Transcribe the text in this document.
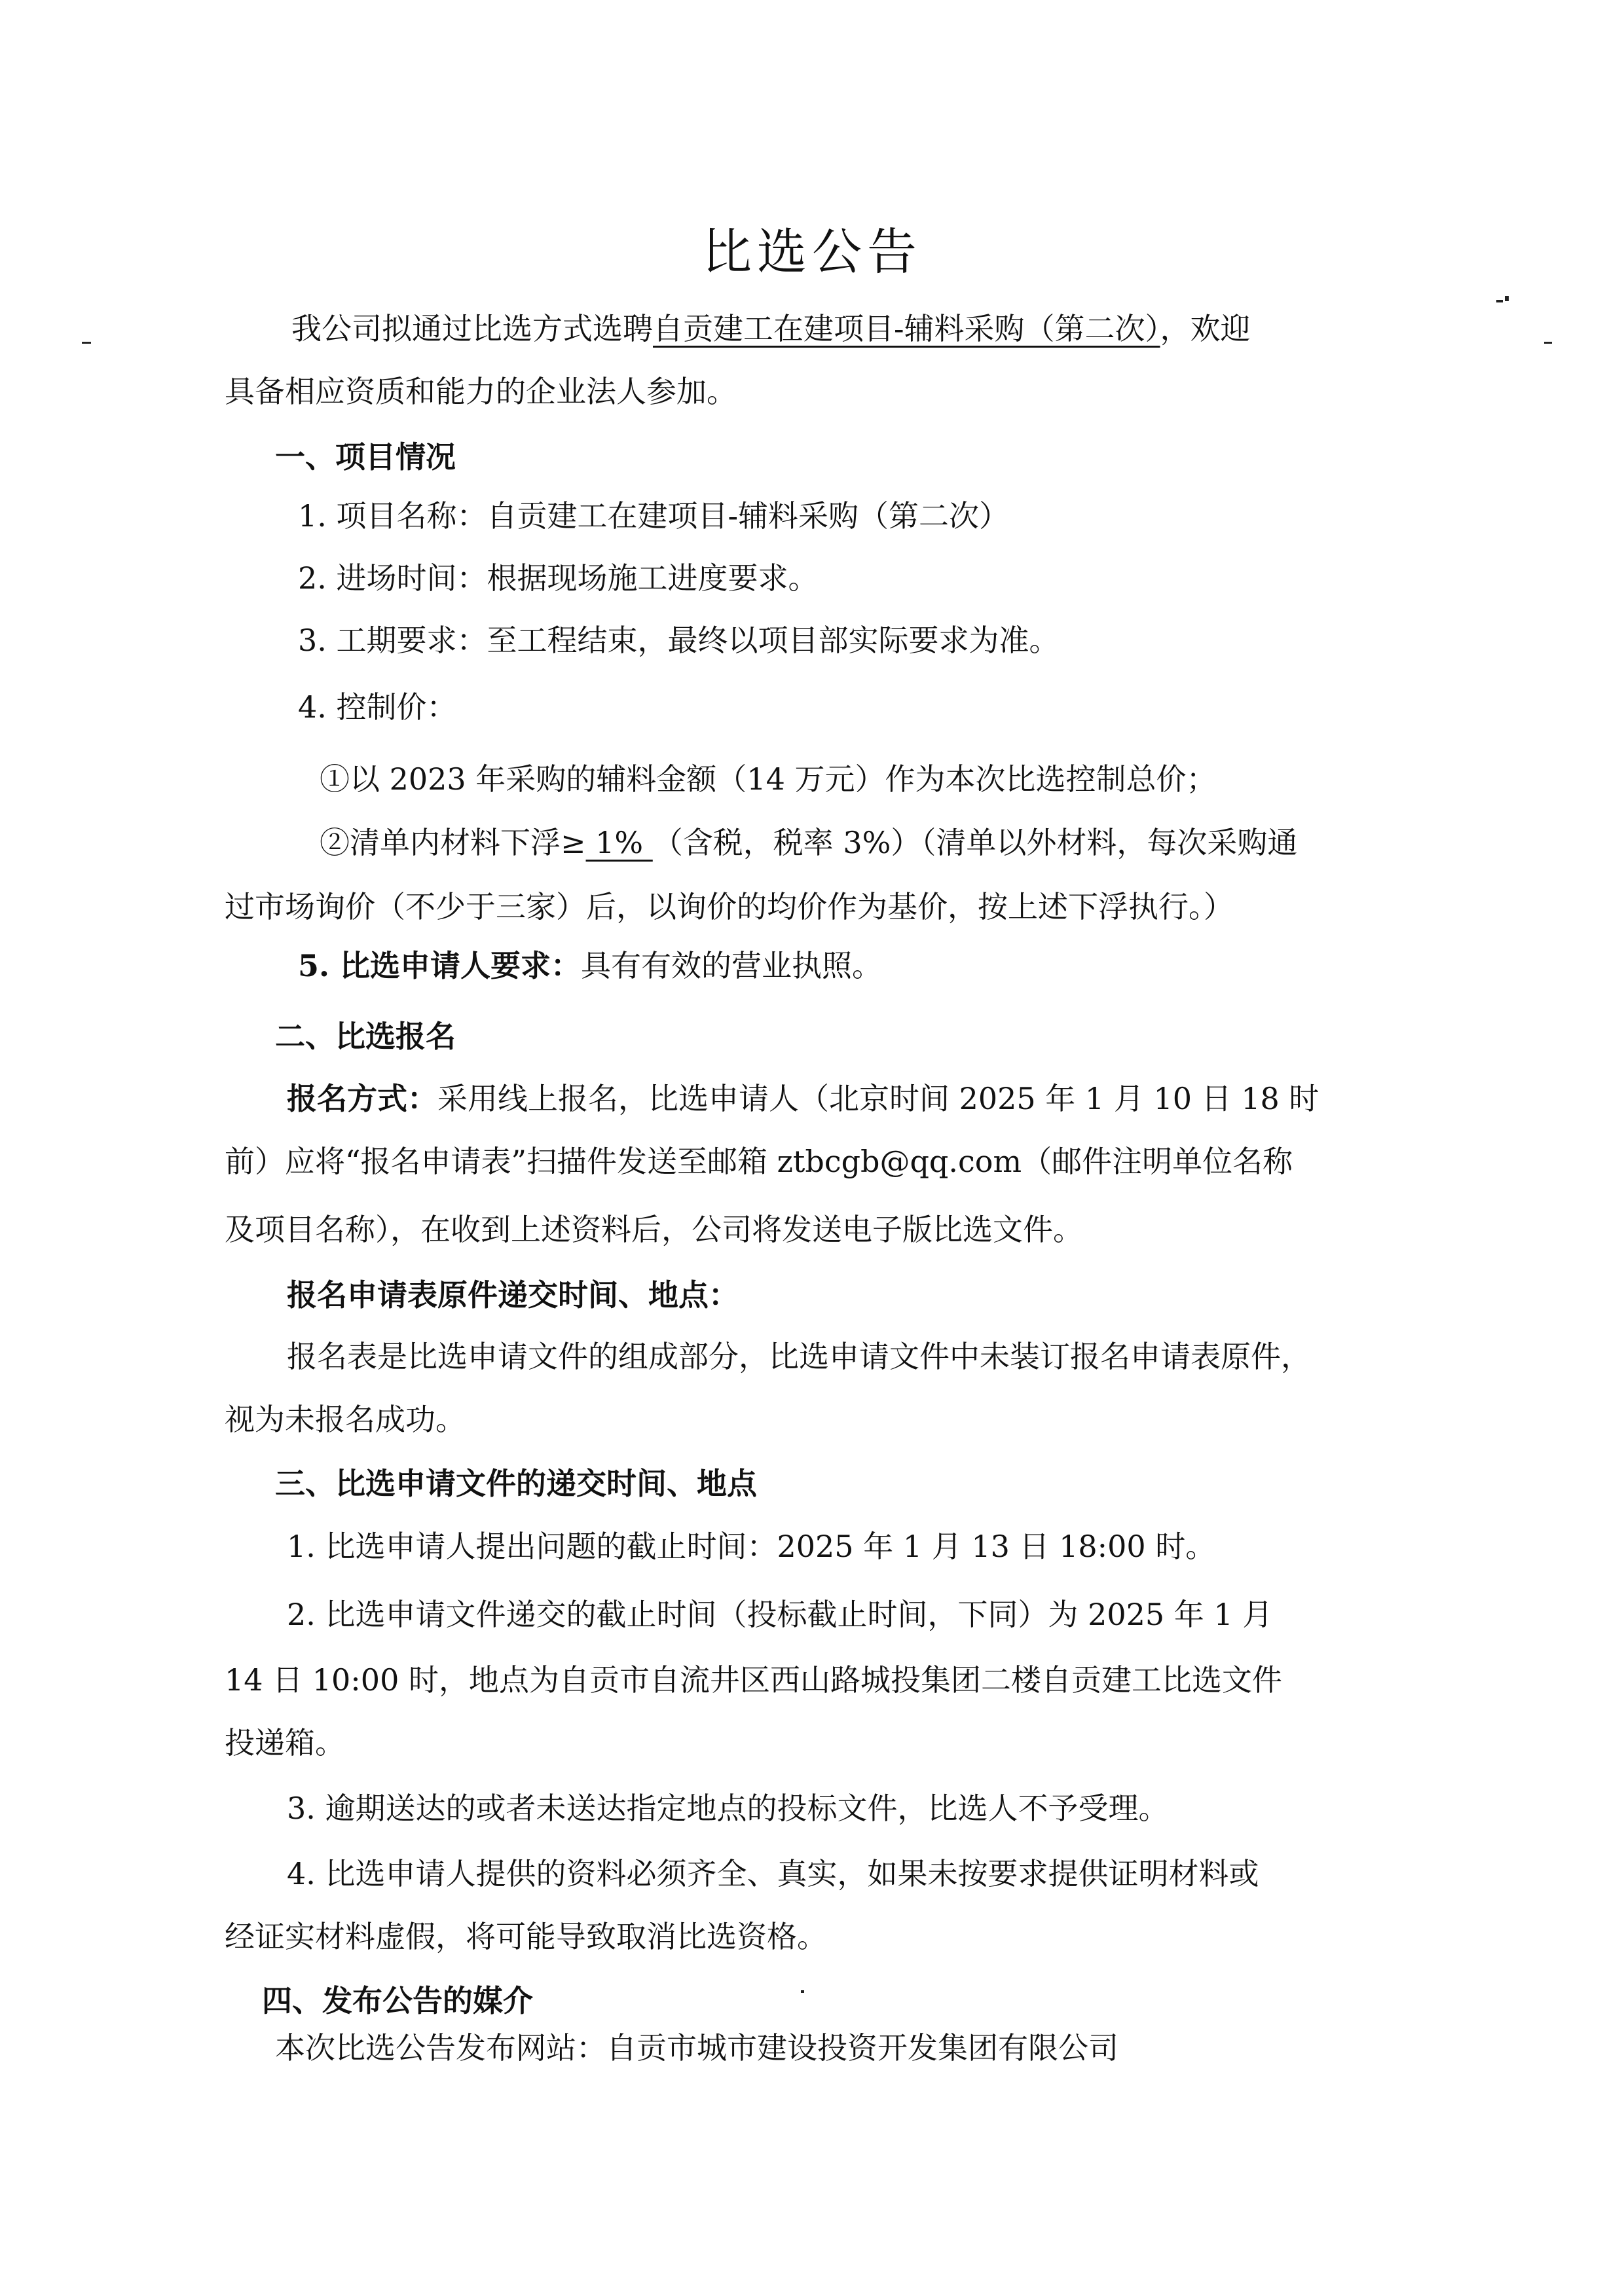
比选公告
我公司拟通过比选方式选聘自贡建工在建项目-辅料采购（第二次），欢迎
具备相应资质和能力的企业法人参加。
一、项目情况
1. 项目名称：自贡建工在建项目-辅料采购（第二次）
2. 进场时间：根据现场施工进度要求。
3. 工期要求：至工程结束，最终以项目部实际要求为准。
4. 控制价：
①以 2023 年采购的辅料金额（14 万元）作为本次比选控制总价；
②清单内材料下浮≥ 1% （含税，税率 3%）（清单以外材料，每次采购通
过市场询价（不少于三家）后，以询价的均价作为基价，按上述下浮执行。）
5. 比选申请人要求：具有有效的营业执照。
二、比选报名
报名方式：采用线上报名，比选申请人（北京时间 2025 年 1 月 10 日 18 时
前）应将“报名申请表”扫描件发送至邮箱 ztbcgb@qq.com（邮件注明单位名称
及项目名称），在收到上述资料后，公司将发送电子版比选文件。
报名申请表原件递交时间、地点：
报名表是比选申请文件的组成部分，比选申请文件中未装订报名申请表原件，
视为未报名成功。
三、比选申请文件的递交时间、地点
1. 比选申请人提出问题的截止时间：2025 年 1 月 13 日 18:00 时。
2. 比选申请文件递交的截止时间（投标截止时间，下同）为 2025 年 1 月
14 日 10:00 时，地点为自贡市自流井区西山路城投集团二楼自贡建工比选文件
投递箱。
3. 逾期送达的或者未送达指定地点的投标文件，比选人不予受理。
4. 比选申请人提供的资料必须齐全、真实，如果未按要求提供证明材料或
经证实材料虚假，将可能导致取消比选资格。
四、发布公告的媒介
本次比选公告发布网站：自贡市城市建设投资开发集团有限公司
